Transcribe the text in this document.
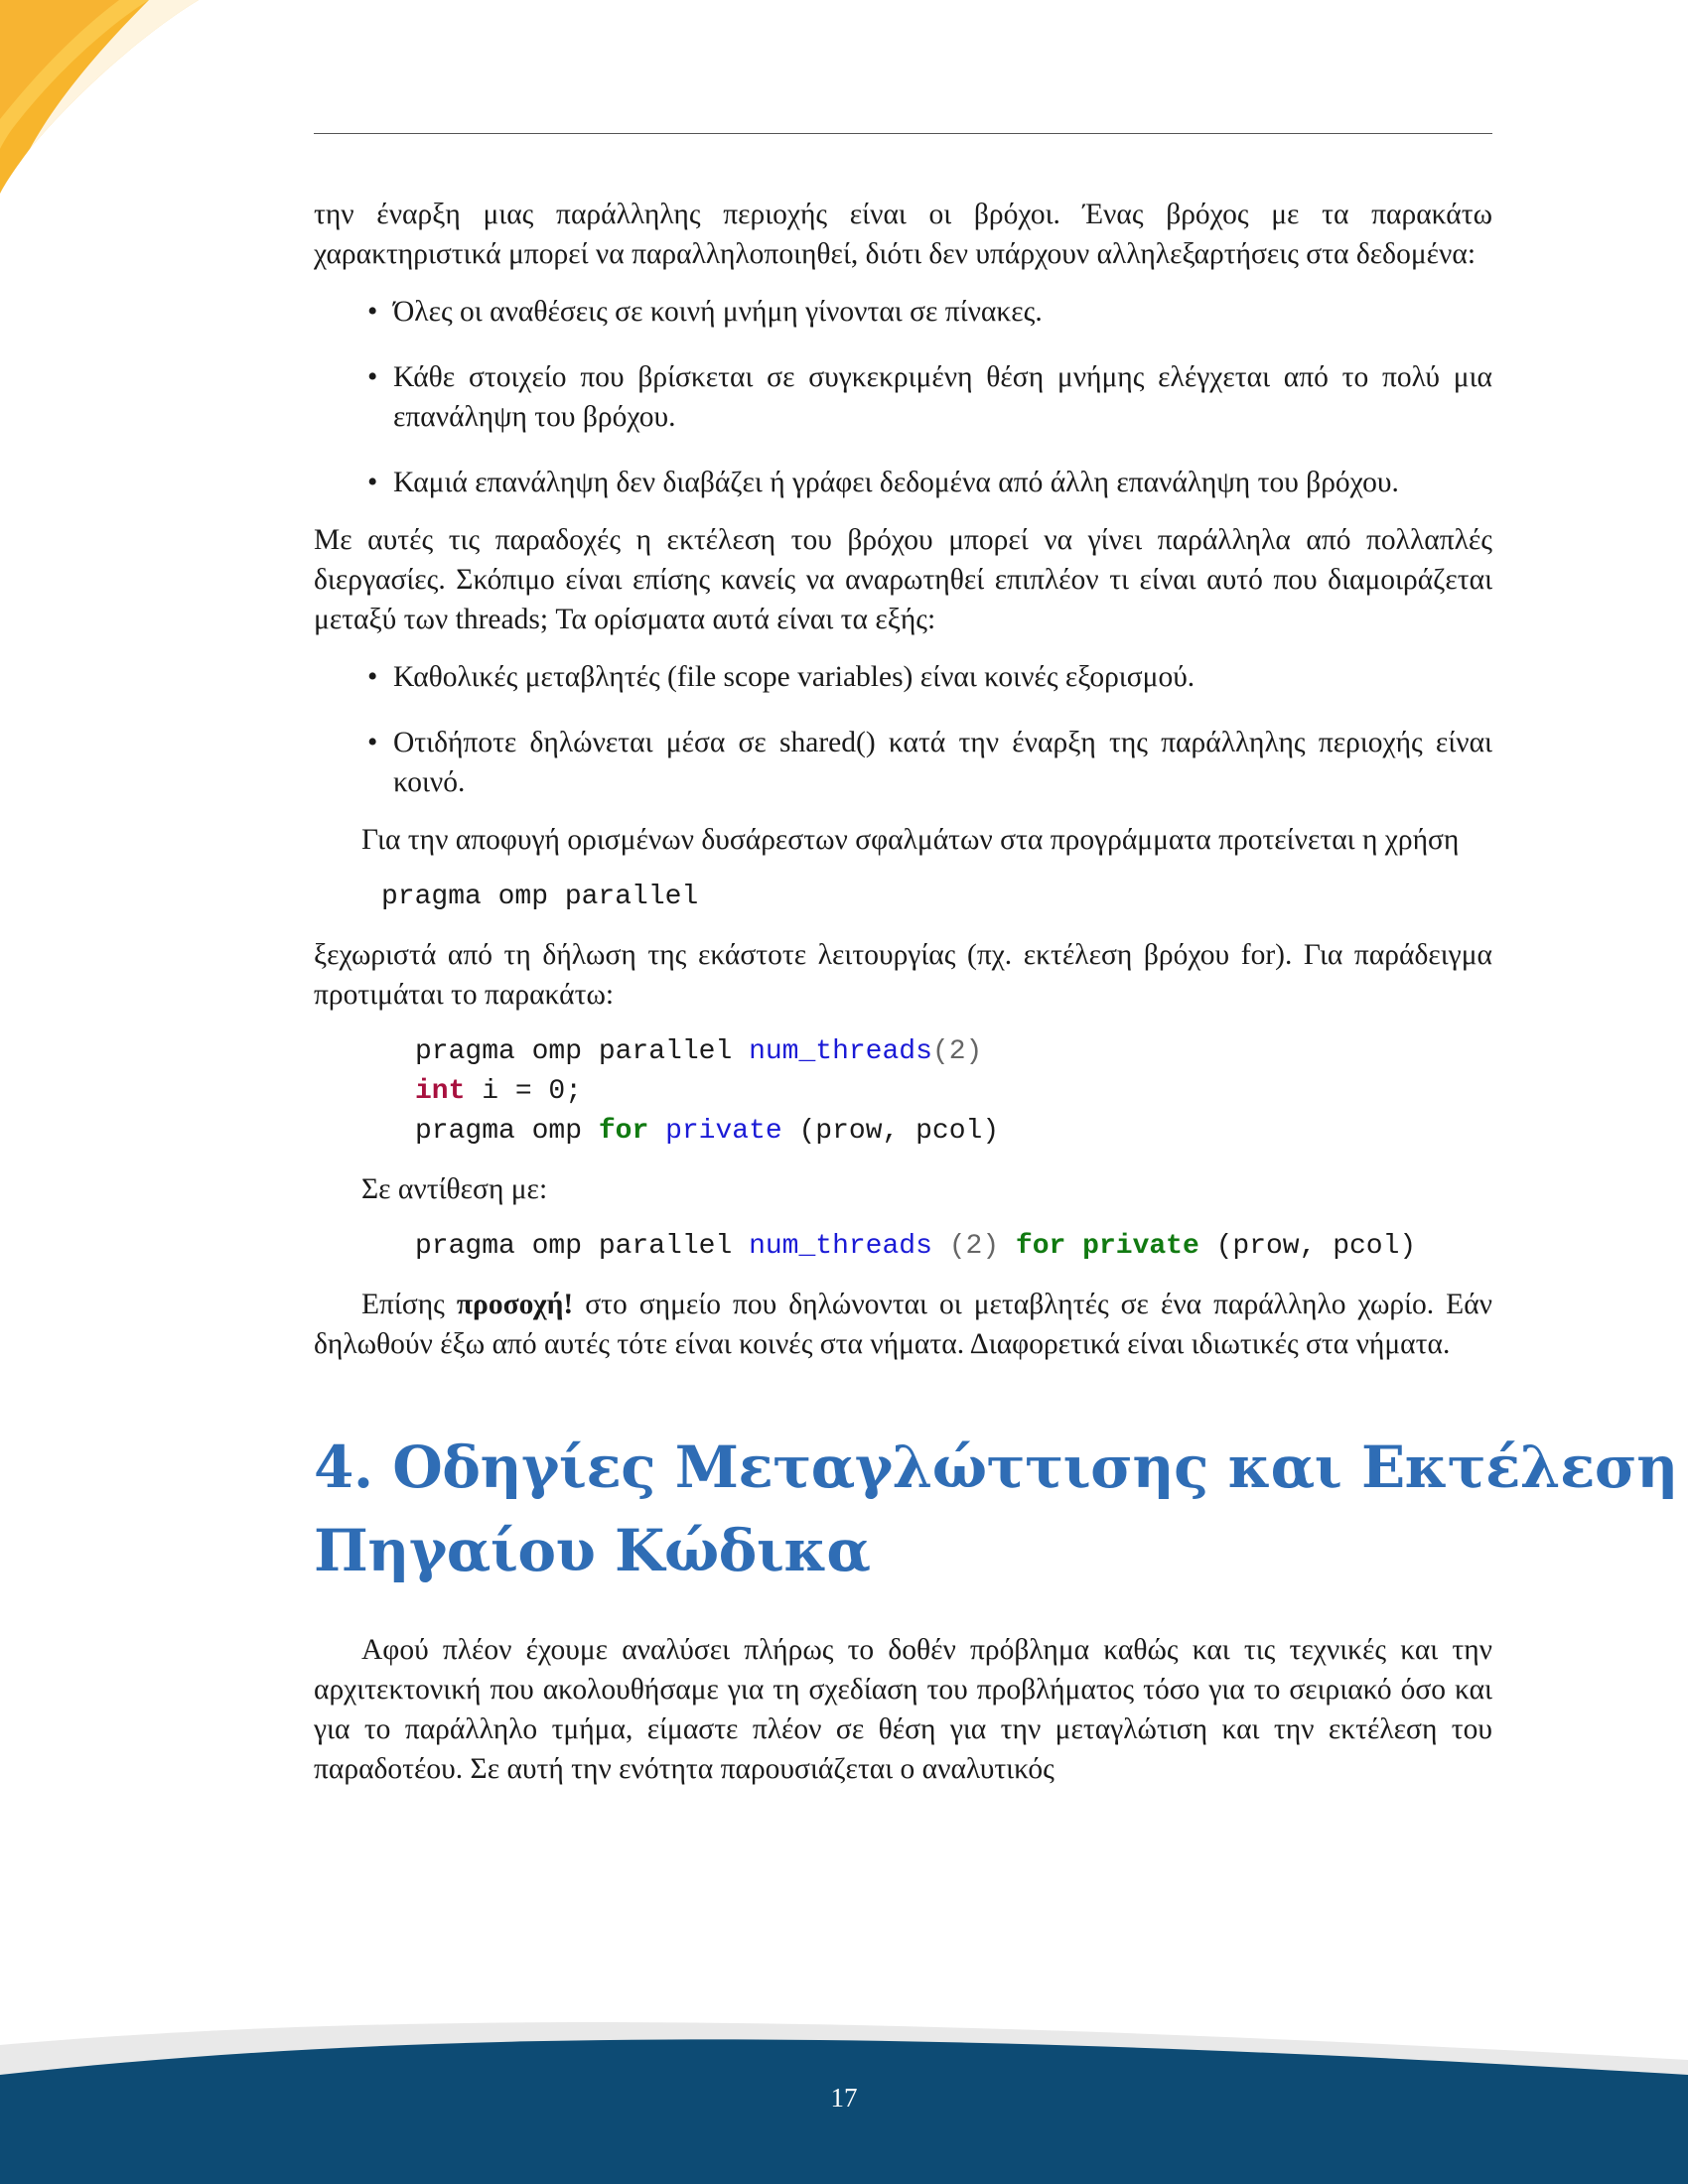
την έναρξη μιας παράλληλης περιοχής είναι οι βρόχοι. Ένας βρόχος με τα παρακάτω χαρακτηριστικά μπορεί να παραλληλοποιηθεί, διότι δεν υπάρχουν αλληλεξαρτήσεις στα δεδομένα:

• Όλες οι αναθέσεις σε κοινή μνήμη γίνονται σε πίνακες.
• Κάθε στοιχείο που βρίσκεται σε συγκεκριμένη θέση μνήμης ελέγχεται από το πολύ μια επανάληψη του βρόχου.
• Καμιά επανάληψη δεν διαβάζει ή γράφει δεδομένα από άλλη επανάληψη του βρόχου.

Με αυτές τις παραδοχές η εκτέλεση του βρόχου μπορεί να γίνει παράλληλα από πολλαπλές διεργασίες. Σκόπιμο είναι επίσης κανείς να αναρωτηθεί επιπλέον τι είναι αυτό που διαμοιράζεται μεταξύ των threads; Τα ορίσματα αυτά είναι τα εξής:

• Καθολικές μεταβλητές (file scope variables) είναι κοινές εξορισμού.
• Οτιδήποτε δηλώνεται μέσα σε shared() κατά την έναρξη της παράλληλης περιοχής είναι κοινό.

Για την αποφυγή ορισμένων δυσάρεστων σφαλμάτων στα προγράμματα προτείνεται η χρήση

pragma omp parallel

ξεχωριστά από τη δήλωση της εκάστοτε λειτουργίας (πχ. εκτέλεση βρόχου for). Για παράδειγμα προτιμάται το παρακάτω:

pragma omp parallel num_threads(2)
int i = 0;
pragma omp for private (prow, pcol)

Σε αντίθεση με:

pragma omp parallel num_threads (2) for private (prow, pcol)

Επίσης προσοχή! στο σημείο που δηλώνονται οι μεταβλητές σε ένα παράλληλο χωρίο. Εάν δηλωθούν έξω από αυτές τότε είναι κοινές στα νήματα. Διαφορετικά είναι ιδιωτικές στα νήματα.

4. Οδηγίες Μεταγλώττισης και Εκτέλεση
Πηγαίου Κώδικα

Αφού πλέον έχουμε αναλύσει πλήρως το δοθέν πρόβλημα καθώς και τις τεχνικές και την αρχιτεκτονική που ακολουθήσαμε για τη σχεδίαση του προβλήματος τόσο για το σειριακό όσο και για το παράλληλο τμήμα, είμαστε πλέον σε θέση για την μεταγλώτιση και την εκτέλεση του παραδοτέου. Σε αυτή την ενότητα παρουσιάζεται ο αναλυτικός

17
